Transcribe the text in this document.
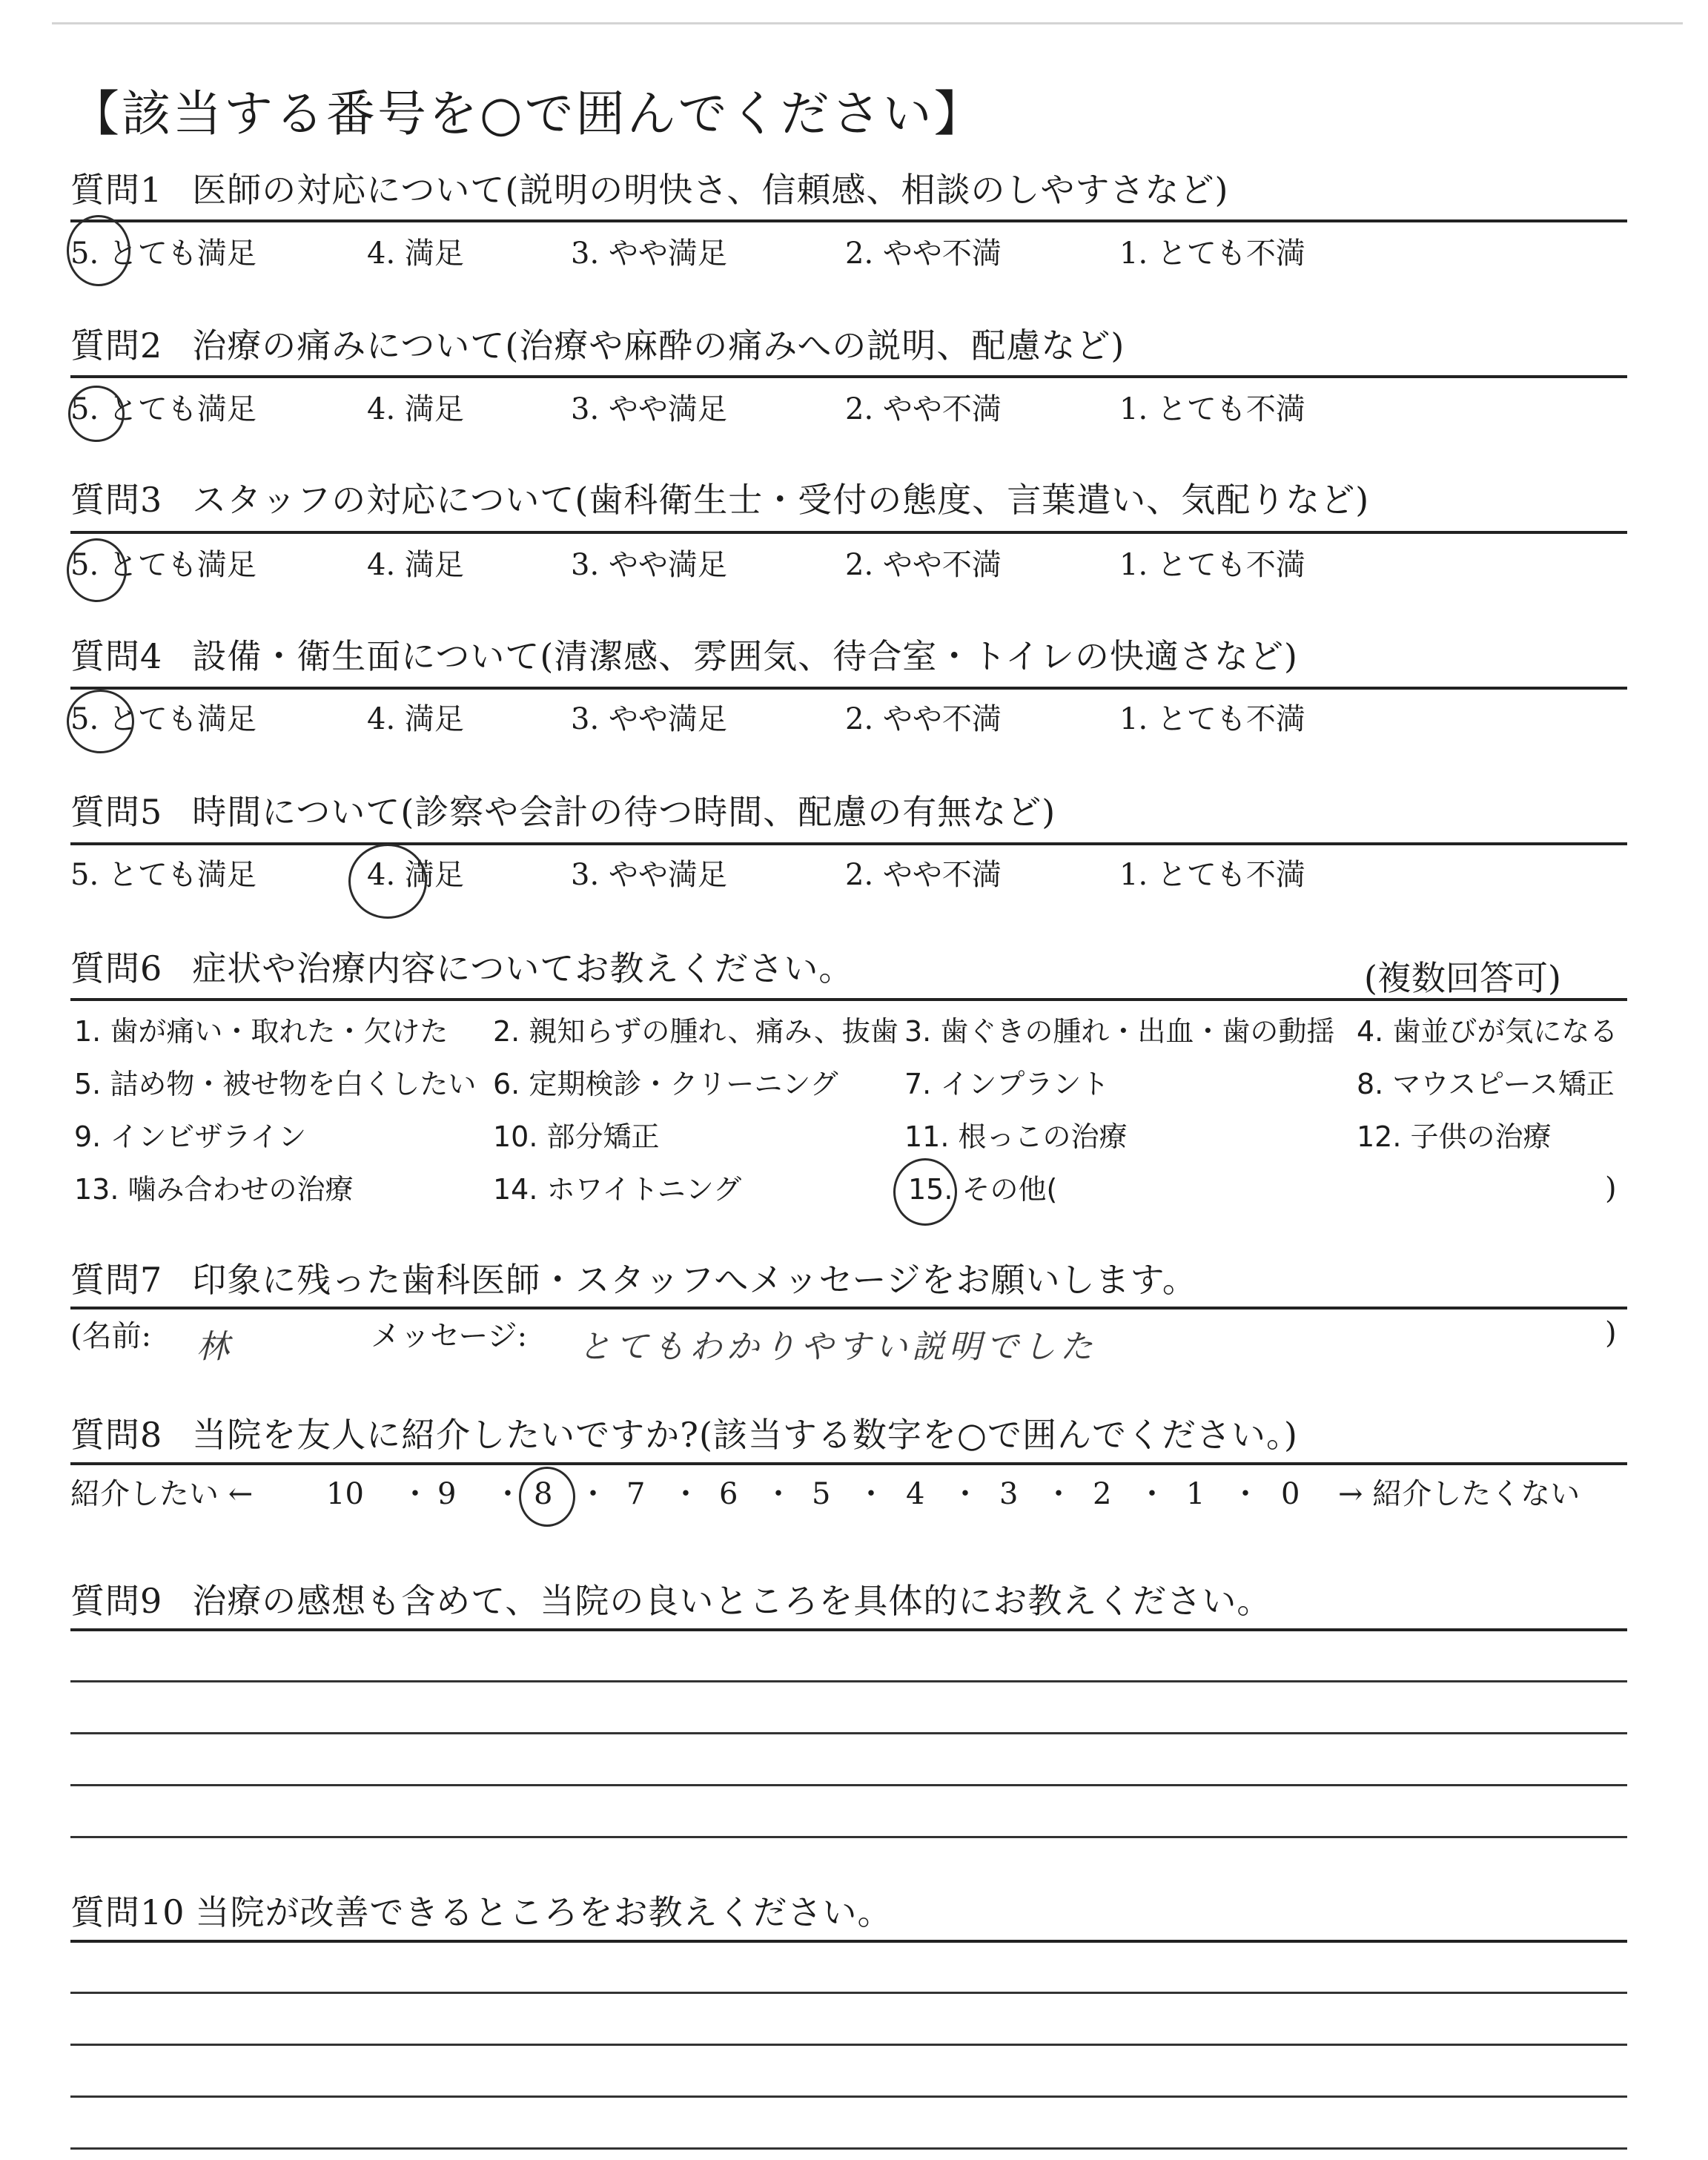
【該当する番号を○で囲んでください】
質問1 医師の対応について(説明の明快さ、信頼感、相談のしやすさなど)
5. とても満足	4. 満足	3. やや満足	2. やや不満	1. とても不満
質問2 治療の痛みについて(治療や麻酔の痛みへの説明、配慮など)
5. とても満足	4. 満足	3. やや満足	2. やや不満	1. とても不満
質問3 スタッフの対応について(歯科衛生士・受付の態度、言葉遣い、気配りなど)
5. とても満足	4. 満足	3. やや満足	2. やや不満	1. とても不満
質問4 設備・衛生面について(清潔感、雰囲気、待合室・トイレの快適さなど)
5. とても満足	4. 満足	3. やや満足	2. やや不満	1. とても不満
質問5 時間について(診察や会計の待つ時間、配慮の有無など)
5. とても満足	4. 満足	3. やや満足	2. やや不満	1. とても不満
質問6 症状や治療内容についてお教えください。	(複数回答可)
1. 歯が痛い・取れた・欠けた 2. 親知らずの腫れ、痛み、抜歯 3. 歯ぐきの腫れ・出血・歯の動揺 4. 歯並びが気になる
5. 詰め物・被せ物を白くしたい 6. 定期検診・クリーニング 7. インプラント	8. マウスピース矯正
9. インビザライン	10. 部分矯正	11. 根っこの治療	12. 子供の治療
13. 噛み合わせの治療	14. ホワイトニング	15. その他(	)
質問7 印象に残った歯科医師・スタッフへメッセージをお願いします。
(名前: 林	メッセージ: とてもわかりやすい説明でした	)
質問8 当院を友人に紹介したいですか?(該当する数字を○で囲んでください。)
紹介したい ← 10 ・ 9 ・ 8 ・ 7 ・ 6 ・ 5 ・ 4 ・ 3 ・ 2 ・ 1 ・ 0 → 紹介したくない
質問9 治療の感想も含めて、当院の良いところを具体的にお教えください。
質問10 当院が改善できるところをお教えください。
